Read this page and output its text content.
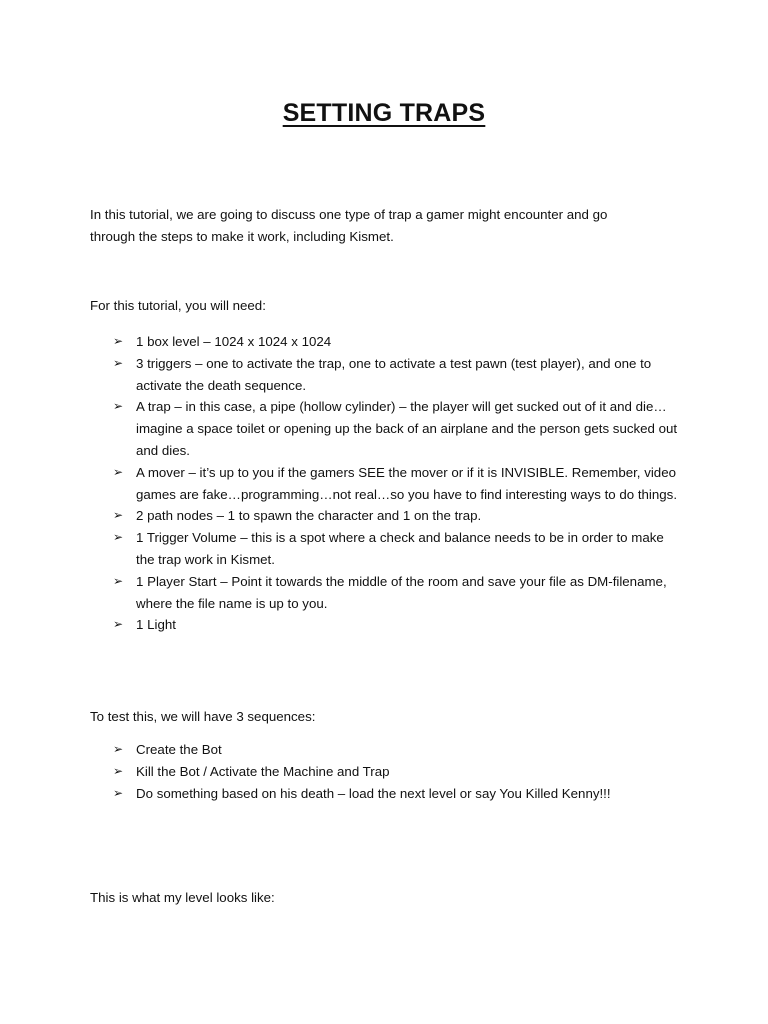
SETTING TRAPS

In this tutorial, we are going to discuss one type of trap a gamer might encounter and go through the steps to make it work, including Kismet.

For this tutorial, you will need:

➢ 1 box level – 1024 x 1024 x 1024
➢ 3 triggers – one to activate the trap, one to activate a test pawn (test player), and one to activate the death sequence.
➢ A trap – in this case, a pipe (hollow cylinder) – the player will get sucked out of it and die…imagine a space toilet or opening up the back of an airplane and the person gets sucked out and dies.
➢ A mover – it’s up to you if the gamers SEE the mover or if it is INVISIBLE. Remember, video games are fake…programming…not real…so you have to find interesting ways to do things.
➢ 2 path nodes – 1 to spawn the character and 1 on the trap.
➢ 1 Trigger Volume – this is a spot where a check and balance needs to be in order to make the trap work in Kismet.
➢ 1 Player Start – Point it towards the middle of the room and save your file as DM-filename, where the file name is up to you.
➢ 1 Light

To test this, we will have 3 sequences:

➢ Create the Bot
➢ Kill the Bot / Activate the Machine and Trap
➢ Do something based on his death – load the next level or say You Killed Kenny!!!

This is what my level looks like:
